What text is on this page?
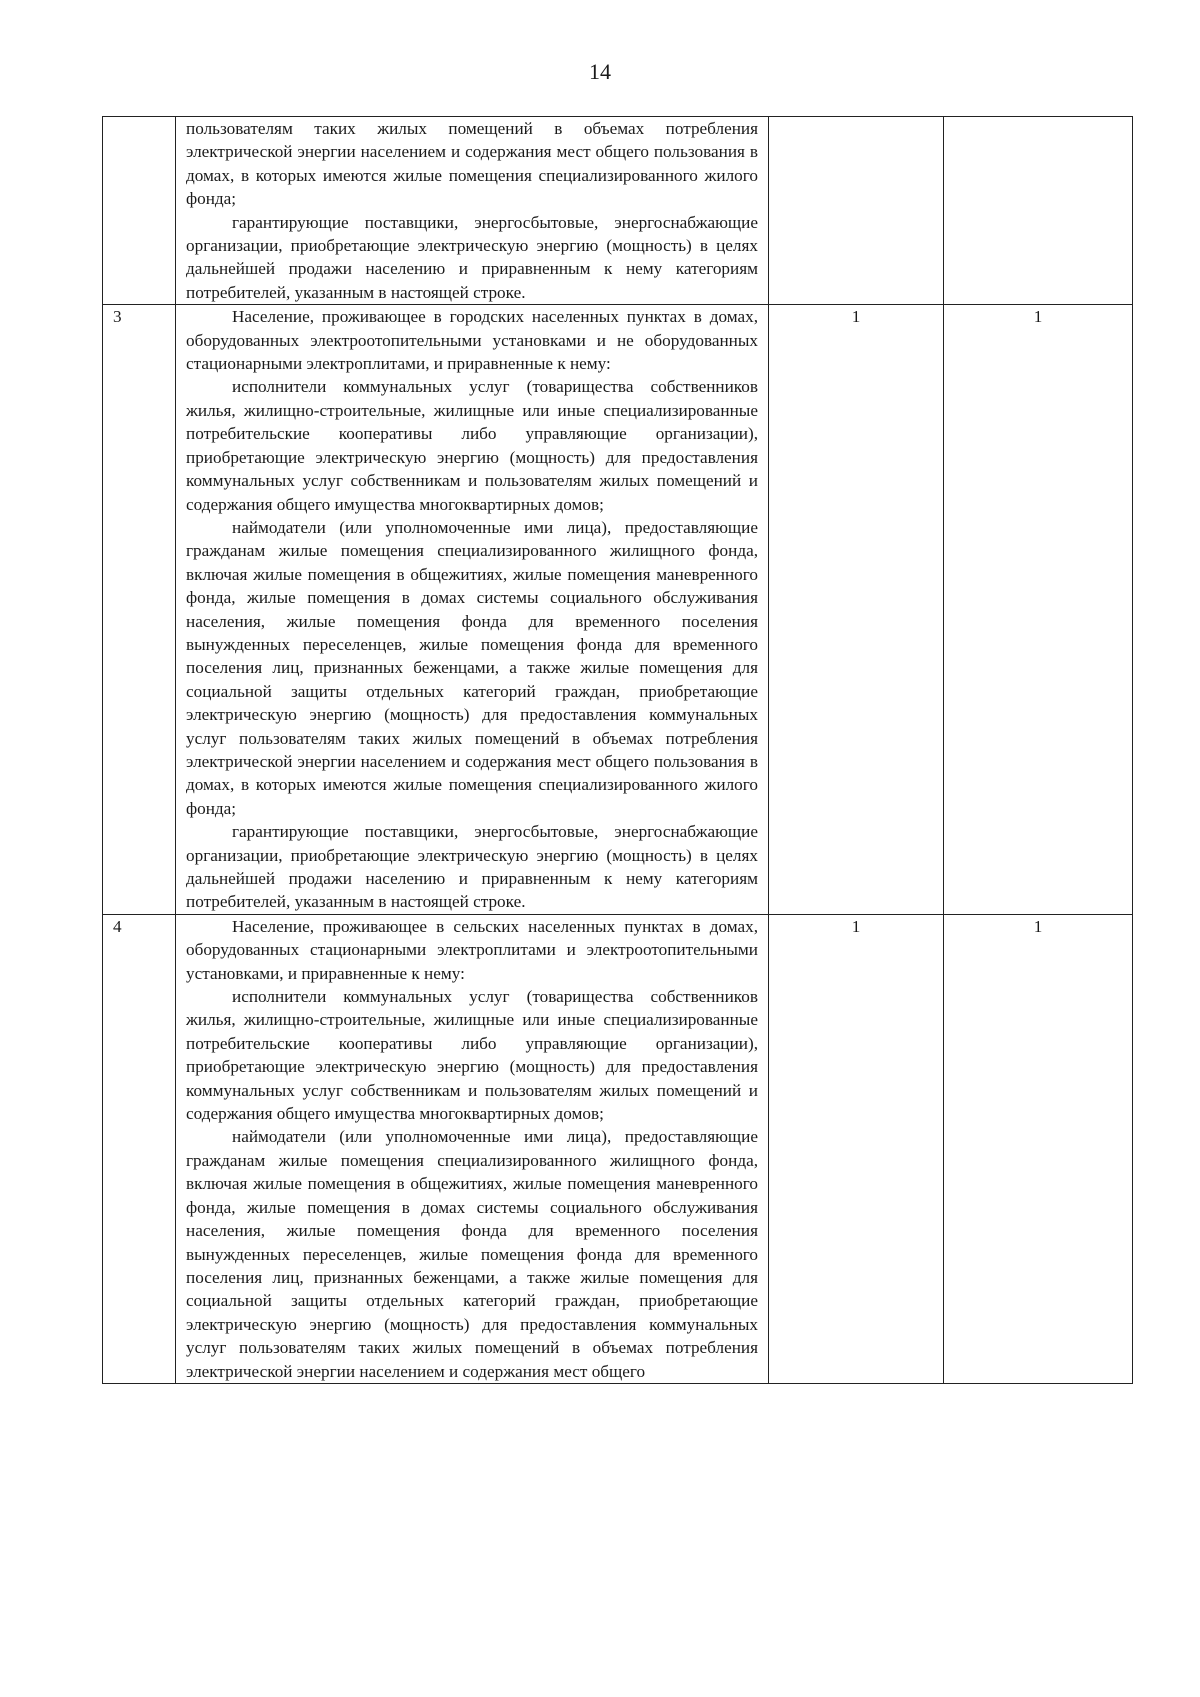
14

	пользователям таких жилых помещений в объемах потребления электрической энергии населением и содержания мест общего пользования в домах, в которых имеются жилые помещения специализированного жилого фонда;

гарантирующие поставщики, энергосбытовые, энергоснабжающие организации, приобретающие электрическую энергию (мощность) в целях дальнейшей продажи населению и приравненным к нему категориям потребителей, указанным в настоящей строке.		

3	Население, проживающее в городских населенных пунктах в домах, оборудованных электроотопительными установками и не оборудованных стационарными электроплитами, и приравненные к нему:

исполнители коммунальных услуг (товарищества собственников жилья, жилищно-строительные, жилищные или иные специализированные потребительские кооперативы либо управляющие организации), приобретающие электрическую энергию (мощность) для предоставления коммунальных услуг собственникам и пользователям жилых помещений и содержания общего имущества многоквартирных домов;

наймодатели (или уполномоченные ими лица), предоставляющие гражданам жилые помещения специализированного жилищного фонда, включая жилые помещения в общежитиях, жилые помещения маневренного фонда, жилые помещения в домах системы социального обслуживания населения, жилые помещения фонда для временного поселения вынужденных переселенцев, жилые помещения фонда для временного поселения лиц, признанных беженцами, а также жилые помещения для социальной защиты отдельных категорий граждан, приобретающие электрическую энергию (мощность) для предоставления коммунальных услуг пользователям таких жилых помещений в объемах потребления электрической энергии населением и содержания мест общего пользования в домах, в которых имеются жилые помещения специализированного жилого фонда;

гарантирующие поставщики, энергосбытовые, энергоснабжающие организации, приобретающие электрическую энергию (мощность) в целях дальнейшей продажи населению и приравненным к нему категориям потребителей, указанным в настоящей строке.	1	1
4	Население, проживающее в сельских населенных пунктах в домах, оборудованных стационарными электроплитами и электроотопительными установками, и приравненные к нему:

исполнители коммунальных услуг (товарищества собственников жилья, жилищно-строительные, жилищные или иные специализированные потребительские кооперативы либо управляющие организации), приобретающие электрическую энергию (мощность) для предоставления коммунальных услуг собственникам и пользователям жилых помещений и содержания общего имущества многоквартирных домов;

наймодатели (или уполномоченные ими лица), предоставляющие гражданам жилые помещения специализированного жилищного фонда, включая жилые помещения в общежитиях, жилые помещения маневренного фонда, жилые помещения в домах системы социального обслуживания населения, жилые помещения фонда для временного поселения вынужденных переселенцев, жилые помещения фонда для временного поселения лиц, признанных беженцами, а также жилые помещения для социальной защиты отдельных категорий граждан, приобретающие электрическую энергию (мощность) для предоставления коммунальных услуг пользователям таких жилых помещений в объемах потребления электрической энергии населением и содержания мест общего	1	1
